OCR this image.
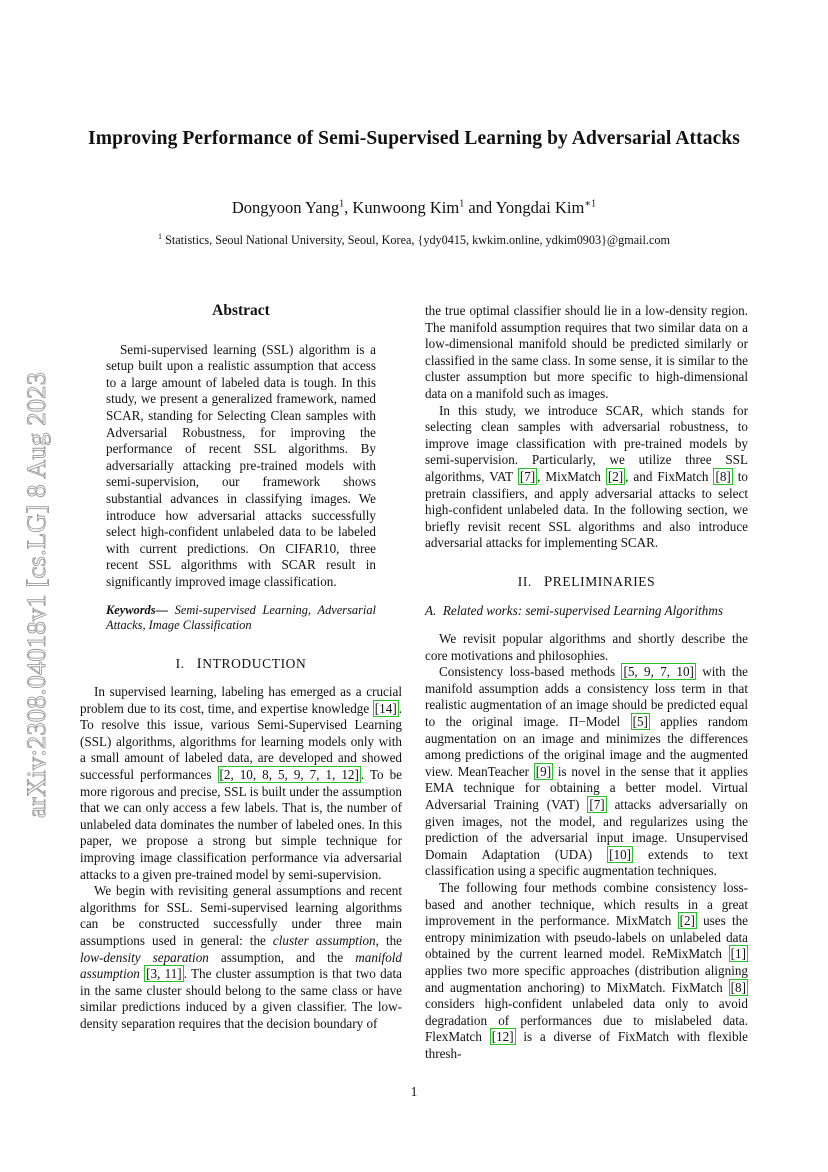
arXiv:2308.04018v1 [cs.LG] 8 Aug 2023
Improving Performance of Semi-Supervised Learning by Adversarial Attacks
Dongyoon Yang$^1$, Kunwoong Kim$^1$ and Yongdai Kim$^{∗1}$
$^1$ Statistics, Seoul National University, Seoul, Korea, {ydy0415, kwkim.online, ydkim0903}@gmail.com
Abstract

Semi-supervised learning (SSL) algorithm is a setup built upon a realistic assumption that access to a large amount of labeled data is tough. In this study, we present a generalized framework, named SCAR, standing for Selecting Clean samples with Adversarial Robustness, for improving the performance of recent SSL algorithms. By adversarially attacking pre-trained models with semi-supervision, our framework shows substantial advances in classifying images. We introduce how adversarial attacks successfully select high-confident unlabeled data to be labeled with current predictions. On CIFAR10, three recent SSL algorithms with SCAR result in significantly improved image classification.

Keywords— Semi-supervised Learning, Adversarial Attacks, Image Classification
I. INTRODUCTION

In supervised learning, labeling has emerged as a crucial problem due to its cost, time, and expertise knowledge [14] . To resolve this issue, various Semi-Supervised Learning (SSL) algorithms, algorithms for learning models only with a small amount of labeled data, are developed and showed successful performances [2, 10, 8, 5, 9, 7, 1, 12] . To be more rigorous and precise, SSL is built under the assumption that we can only access a few labels. That is, the number of unlabeled data dominates the number of labeled ones. In this paper, we propose a strong but simple technique for improving image classification performance via adversarial attacks to a given pre-trained model by semi-supervision.

We begin with revisiting general assumptions and recent algorithms for SSL. Semi-supervised learning algorithms can be constructed successfully under three main assumptions used in general: the cluster assumption, the low-density separation assumption, and the manifold assumption [3, 11] . The cluster assumption is that two data in the same cluster should belong to the same class or have similar predictions induced by a given classifier. The low-density separation requires that the decision boundary of

the true optimal classifier should lie in a low-density region. The manifold assumption requires that two similar data on a low-dimensional manifold should be predicted similarly or classified in the same class. In some sense, it is similar to the cluster assumption but more specific to high-dimensional data on a manifold such as images.

In this study, we introduce SCAR, which stands for selecting clean samples with adversarial robustness, to improve image classification with pre-trained models by semi-supervision. Particularly, we utilize three SSL algorithms, VAT [7] , MixMatch [2] , and FixMatch [8] to pretrain classifiers, and apply adversarial attacks to select high-confident unlabeled data. In the following section, we briefly revisit recent SSL algorithms and also introduce adversarial attacks for implementing SCAR.

II. PRELIMINARIES
A. Related works: semi-supervised Learning Algorithms

We revisit popular algorithms and shortly describe the core motivations and philosophies.

Consistency loss-based methods [5, 9, 7, 10] with the manifold assumption adds a consistency loss term in that realistic augmentation of an image should be predicted equal to the original image. Π−Model [5] applies random augmentation on an image and minimizes the differences among predictions of the original image and the augmented view. MeanTeacher [9] is novel in the sense that it applies EMA technique for obtaining a better model. Virtual Adversarial Training (VAT) [7] attacks adversarially on given images, not the model, and regularizes using the prediction of the adversarial input image. Unsupervised Domain Adaptation (UDA) [10] extends to text classification using a specific augmentation techniques.

The following four methods combine consistency loss-based and another technique, which results in a great improvement in the performance. MixMatch [2] uses the entropy minimization with pseudo-labels on unlabeled data obtained by the current learned model. ReMixMatch [1] applies two more specific approaches (distribution aligning and augmentation anchoring) to MixMatch. FixMatch [8] considers high-confident unlabeled data only to avoid degradation of performances due to mislabeled data. FlexMatch [12] is a diverse of FixMatch with flexible thresh-

1
